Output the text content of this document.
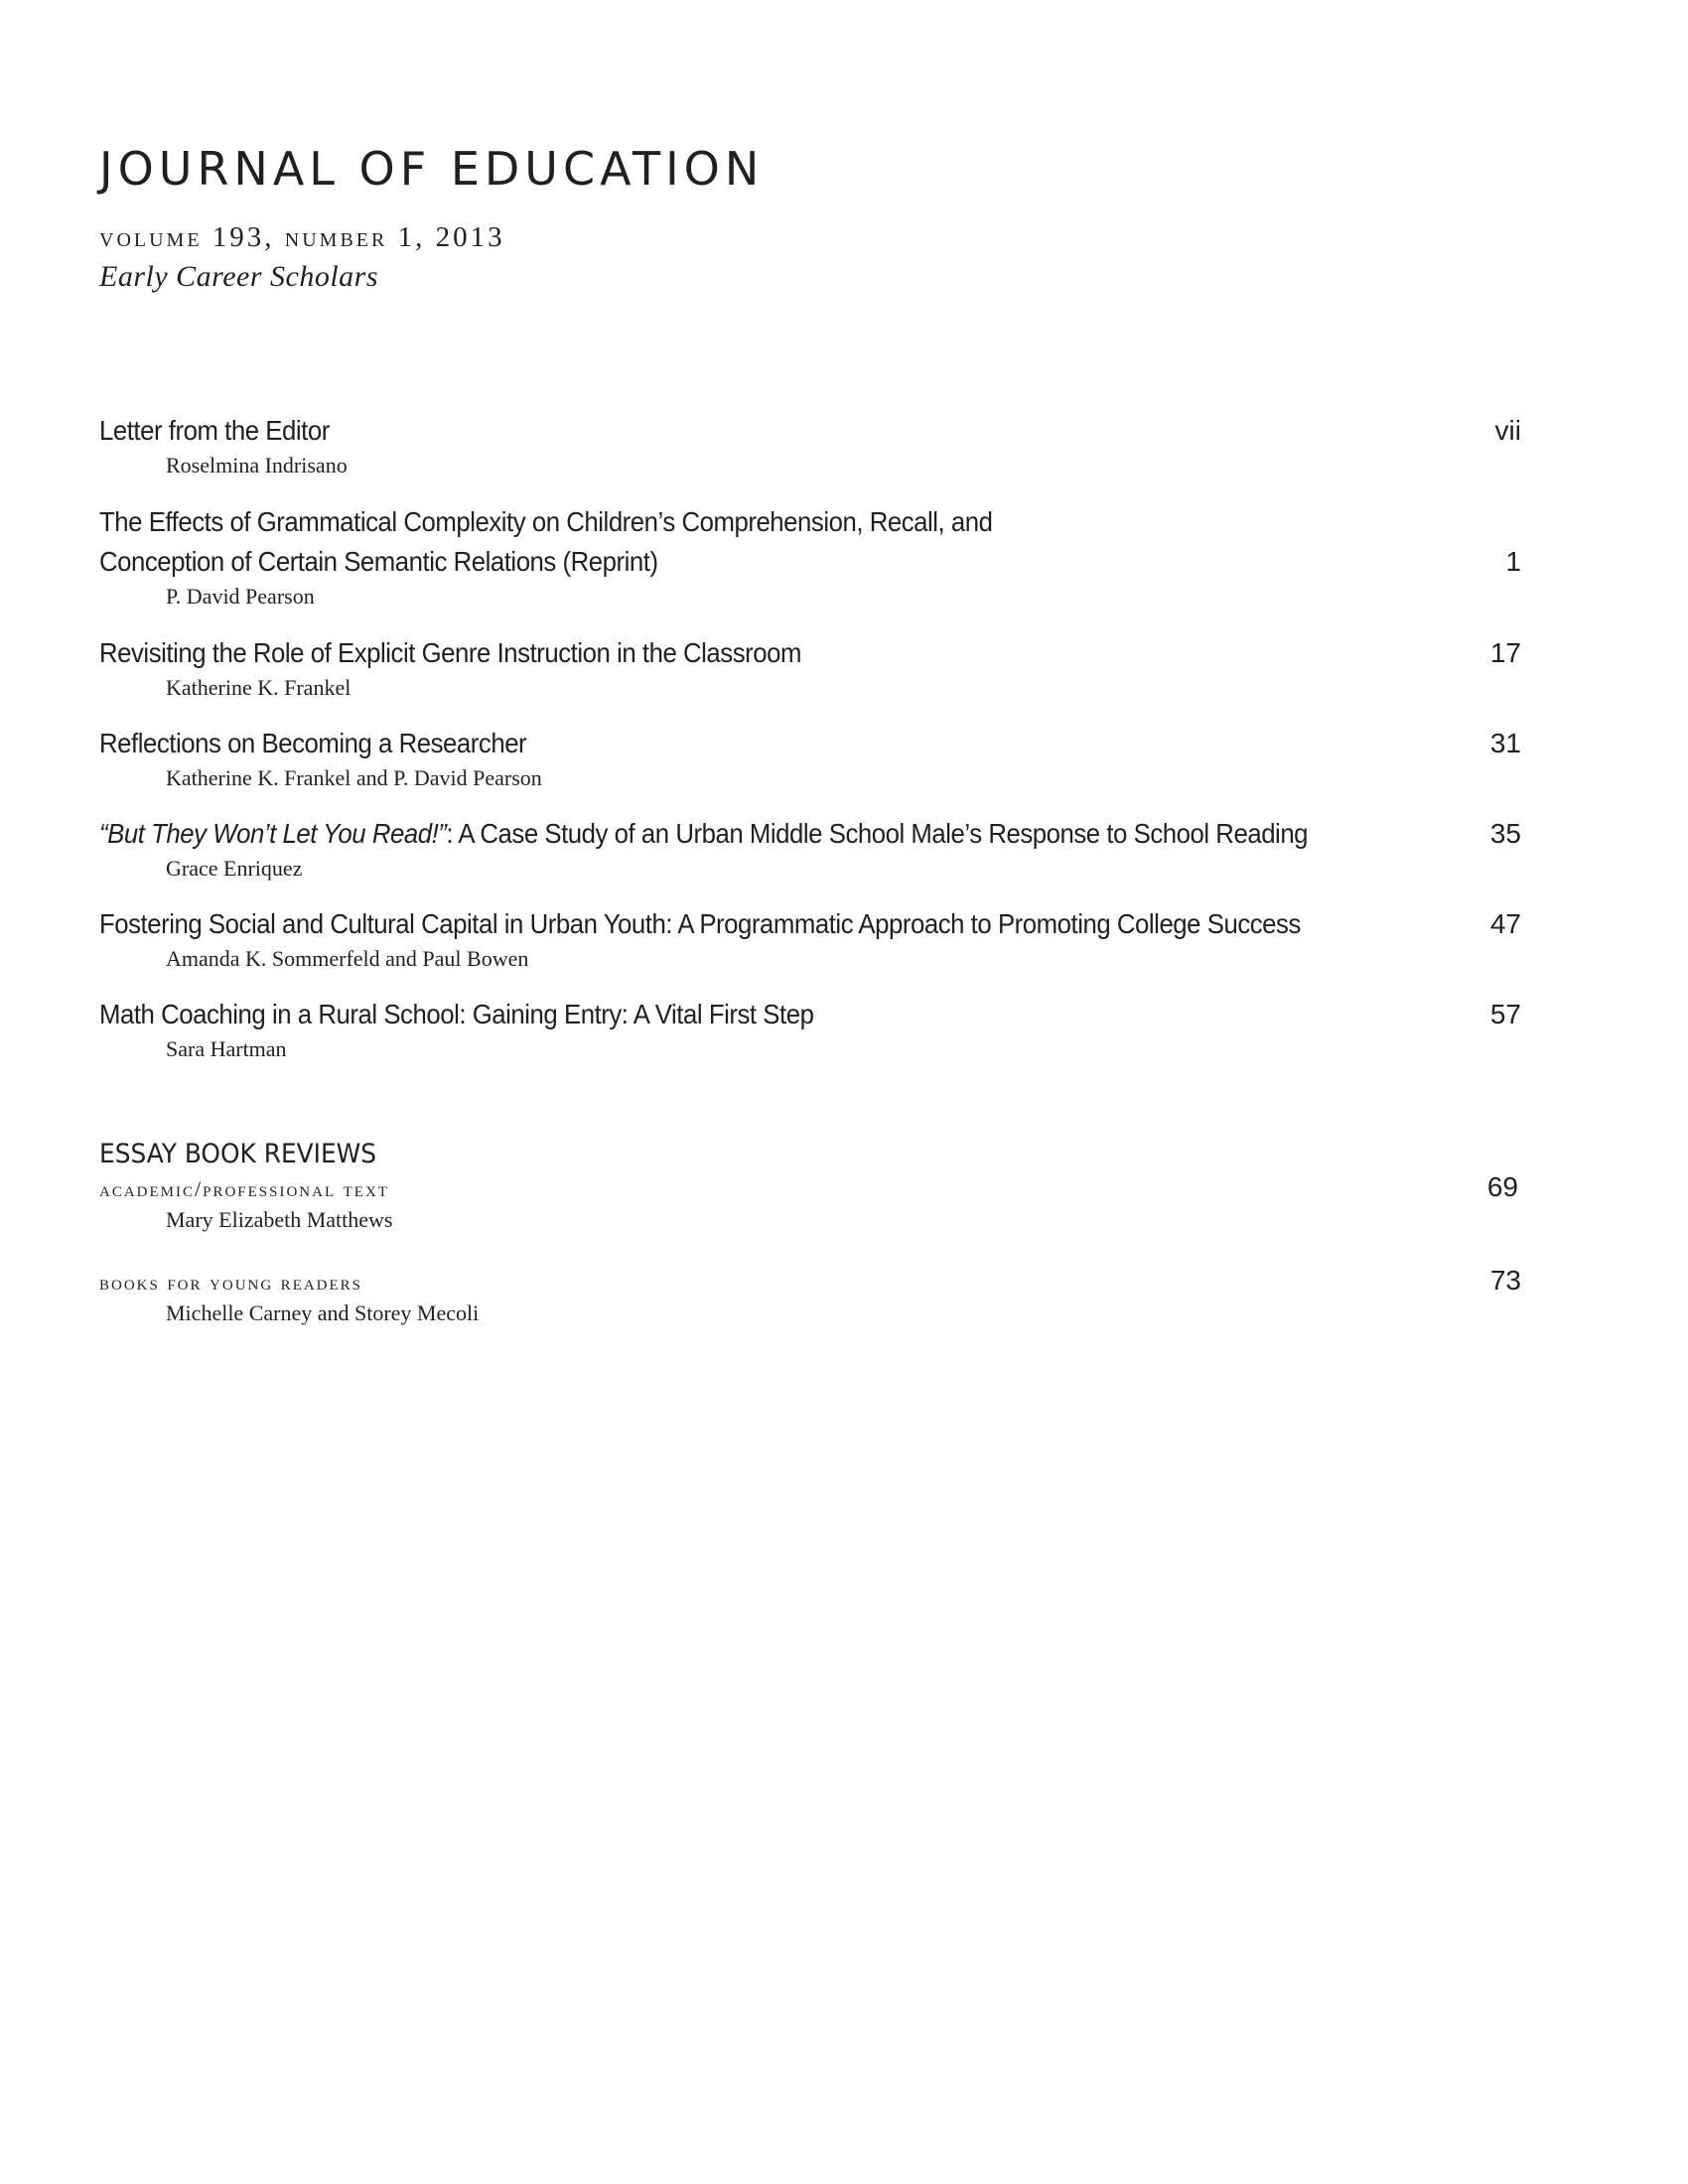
JOURNAL OF EDUCATION
volume 193, number 1, 2013
Early Career Scholars
Letter from the Editor
Roselmina Indrisano
vii
The Effects of Grammatical Complexity on Children’s Comprehension, Recall, and
Conception of Certain Semantic Relations (Reprint)
P. David Pearson
1
Revisiting the Role of Explicit Genre Instruction in the Classroom
Katherine K. Frankel
17
Reflections on Becoming a Researcher
Katherine K. Frankel and P. David Pearson
31
“But They Won’t Let You Read!”: A Case Study of an Urban Middle School Male’s Response to School Reading
Grace Enriquez
35
Fostering Social and Cultural Capital in Urban Youth: A Programmatic Approach to Promoting College Success
Amanda K. Sommerfeld and Paul Bowen
47
Math Coaching in a Rural School: Gaining Entry: A Vital First Step
Sara Hartman
57
ESSAY BOOK REVIEWS
academic/professional text
Mary Elizabeth Matthews
69
books for young readers
Michelle Carney and Storey Mecoli
73
